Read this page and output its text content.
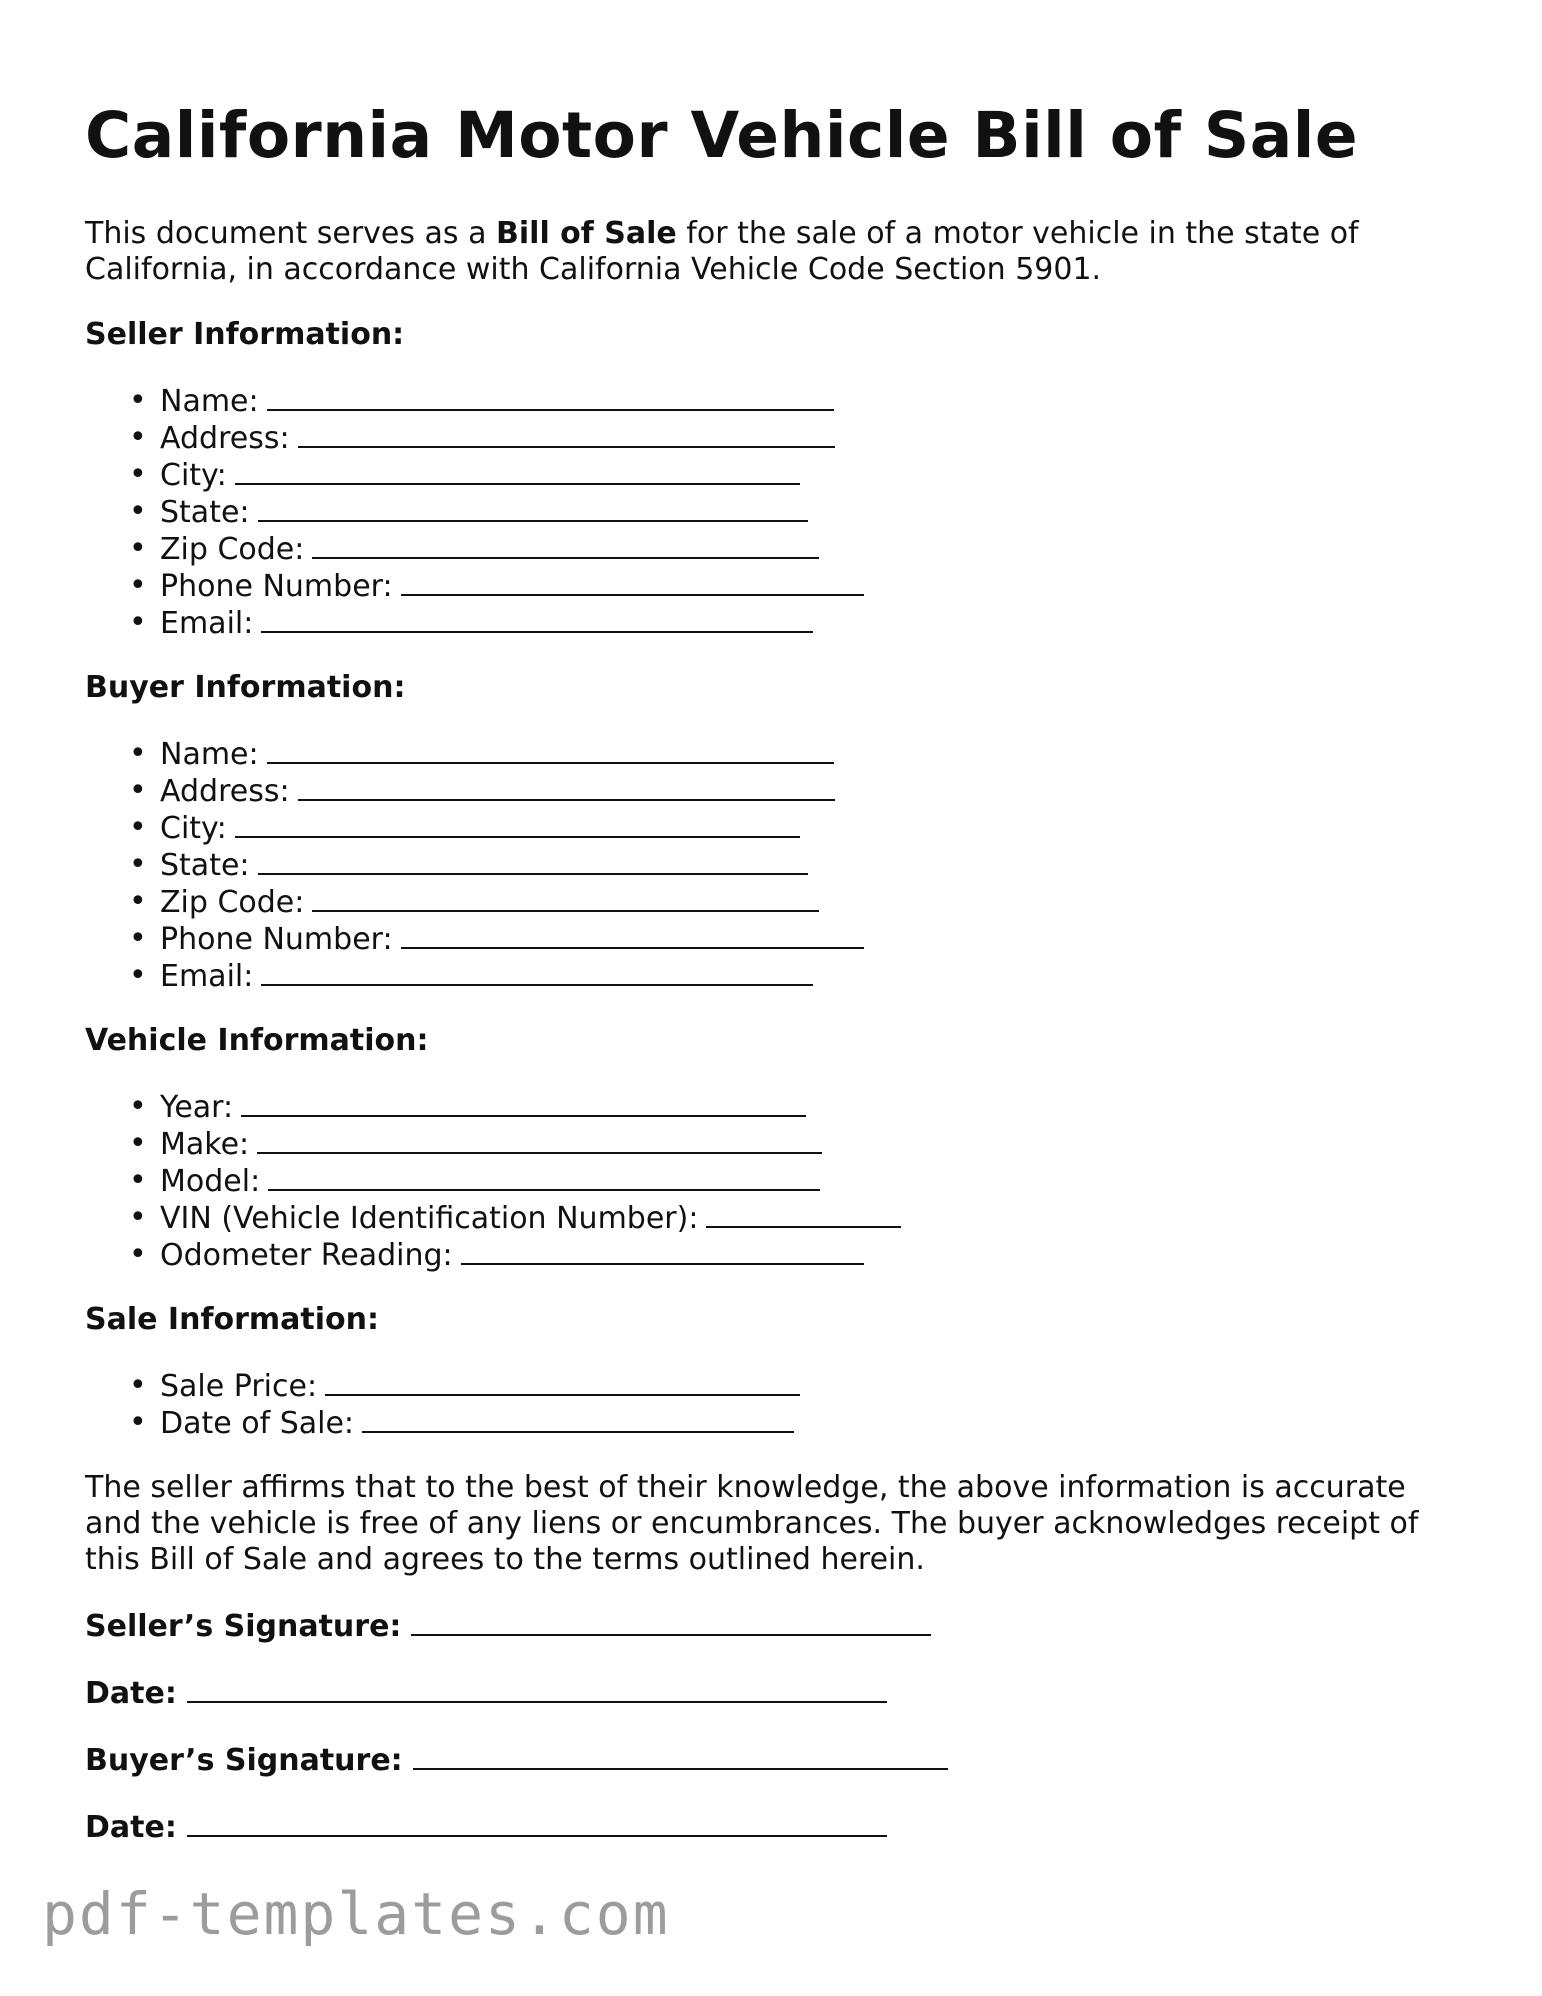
California Motor Vehicle Bill of Sale

This document serves as a Bill of Sale for the sale of a motor vehicle in the state of California, in accordance with California Vehicle Code Section 5901.

Seller Information:
• Name:
• Address:
• City:
• State:
• Zip Code:
• Phone Number:
• Email:
Buyer Information:
• Name:
• Address:
• City:
• State:
• Zip Code:
• Phone Number:
• Email:
Vehicle Information:
• Year:
• Make:
• Model:
• VIN (Vehicle Identification Number):
• Odometer Reading:
Sale Information:
• Sale Price:
• Date of Sale:

The seller affirms that to the best of their knowledge, the above information is accurate and the vehicle is free of any liens or encumbrances. The buyer acknowledges receipt of this Bill of Sale and agrees to the terms outlined herein.

Seller’s Signature:
Date:
Buyer’s Signature:
Date:
pdf-templates.com
